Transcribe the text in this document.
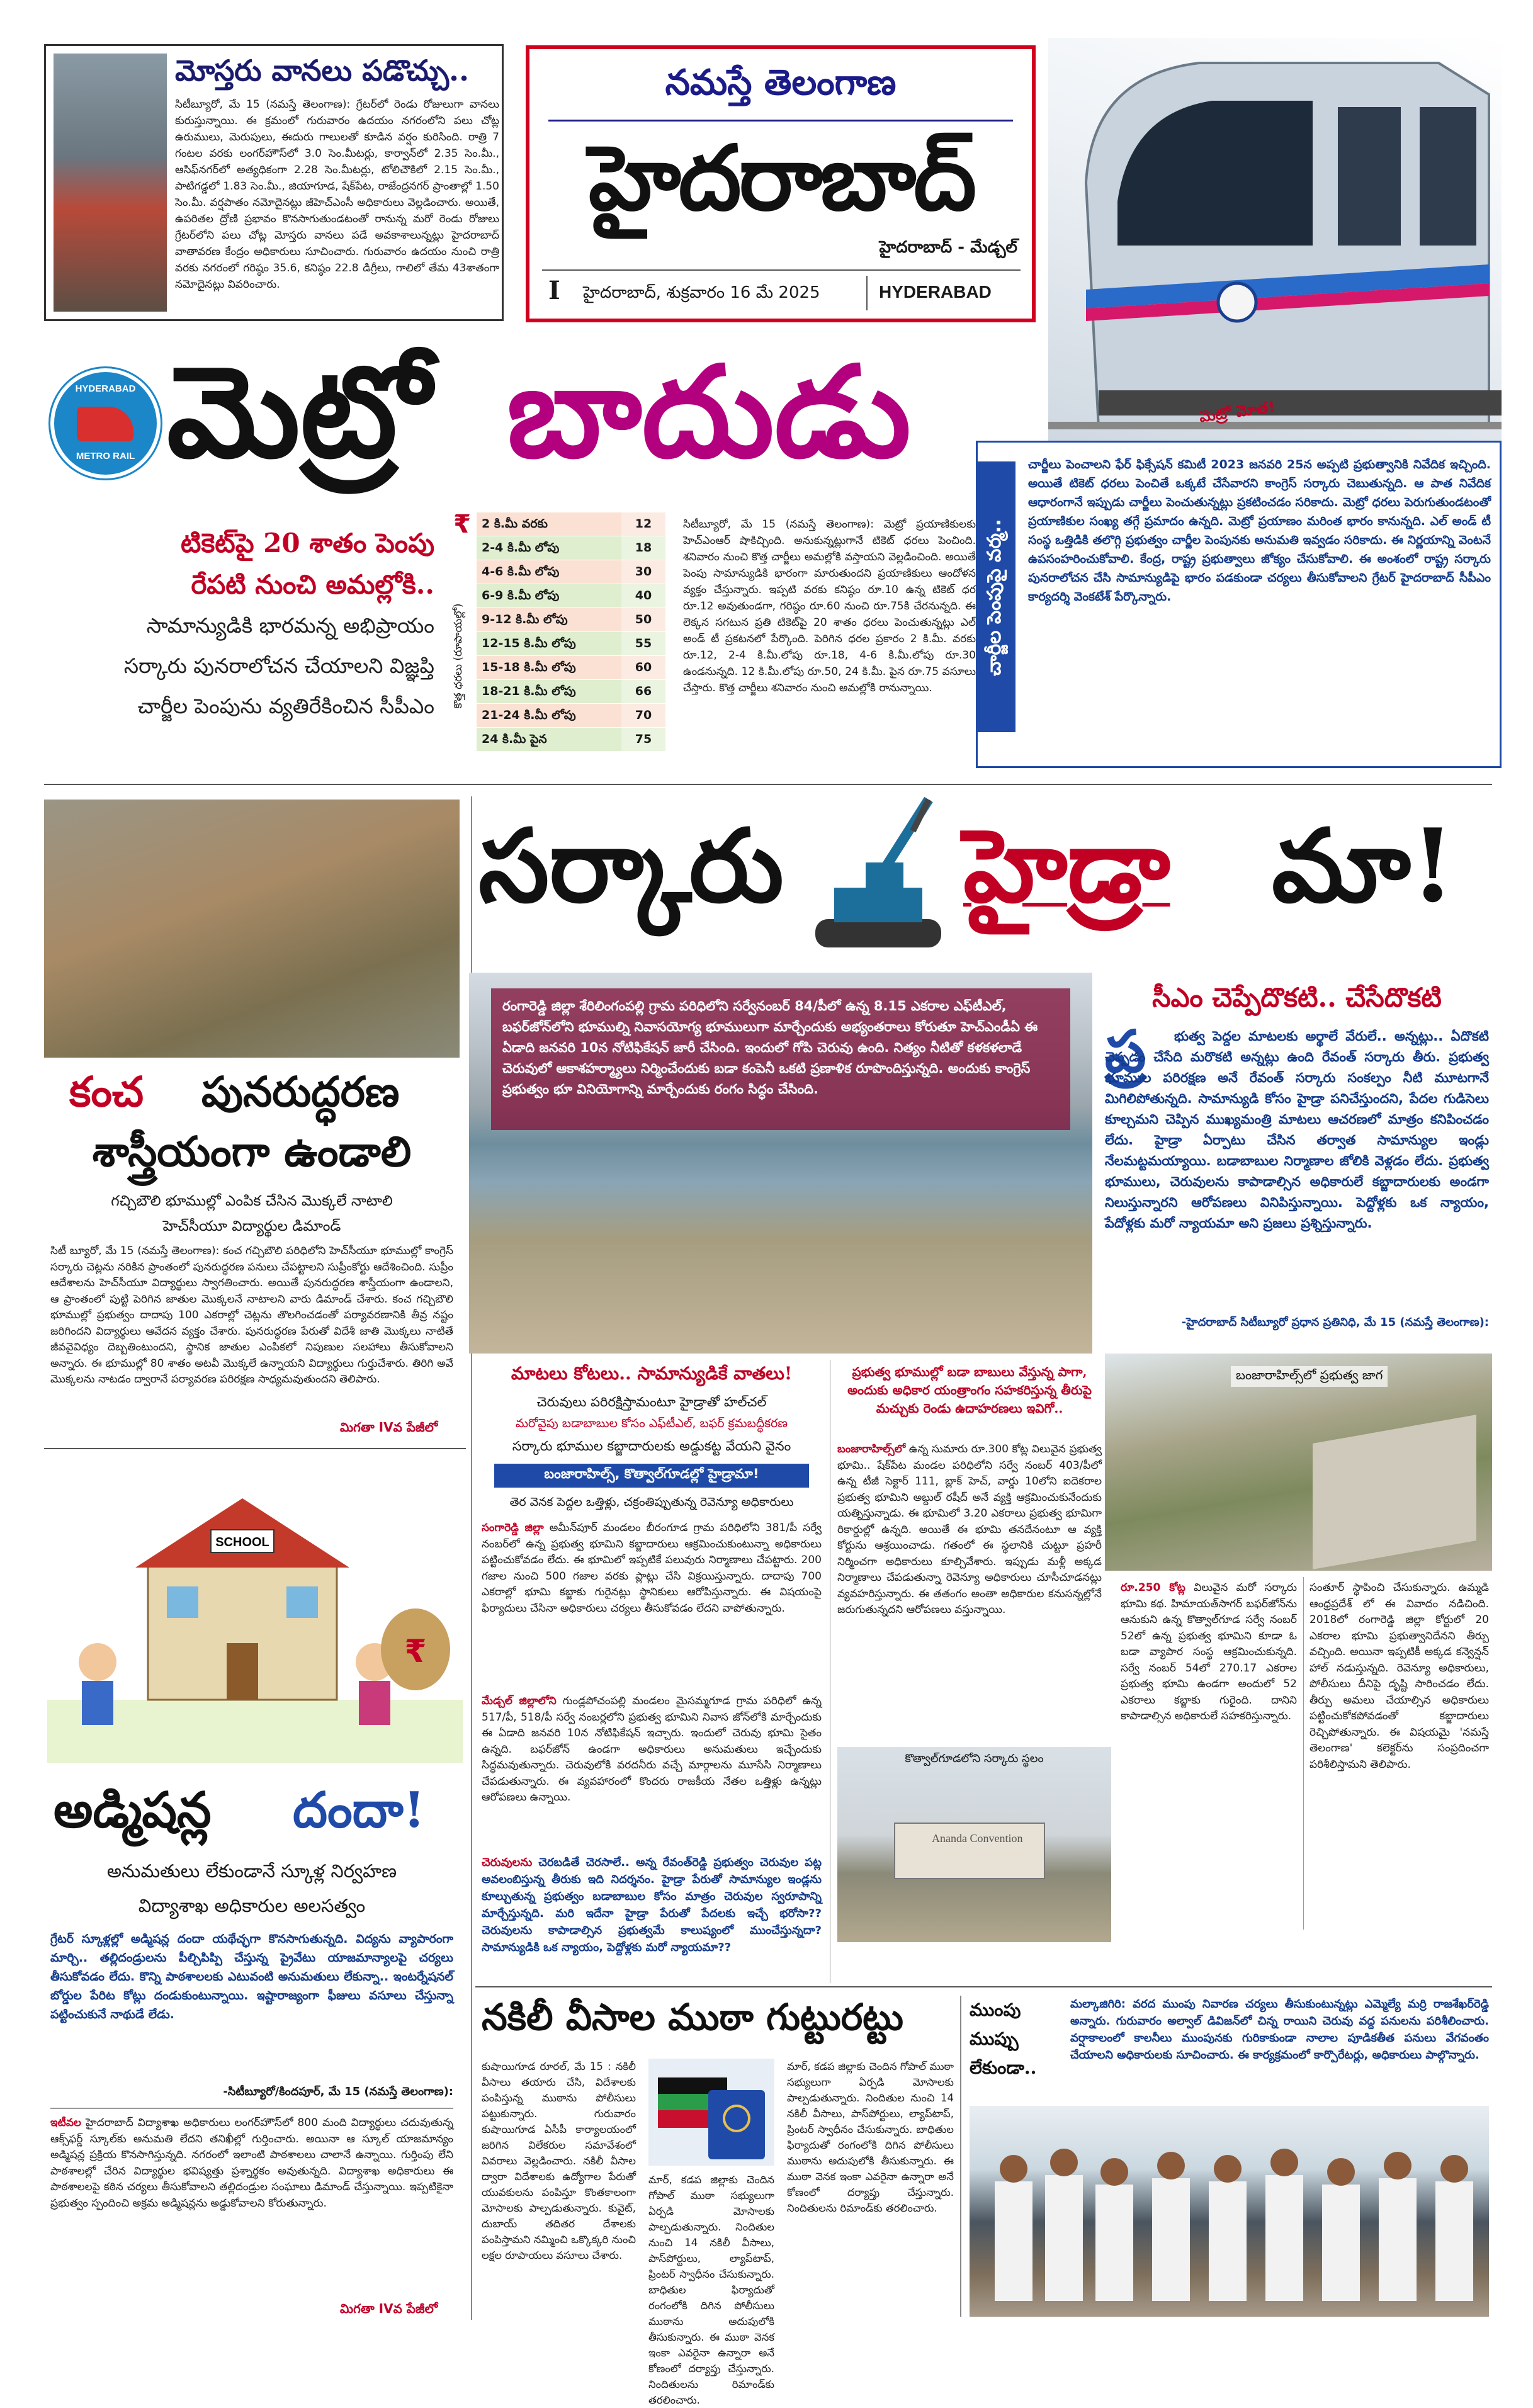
మోస్తరు వానలు పడొచ్చు..
సిటీబ్యూరో, మే 15 (నమస్తే తెలంగాణ): గ్రేటర్‌లో రెండు రోజులుగా వానలు కురుస్తున్నాయి. ఈ క్రమంలో గురువారం ఉదయం నగరంలోని పలు చోట్ల ఉరుములు, మెరుపులు, ఈదురు గాలులతో కూడిన వర్షం కురిసింది. రాత్రి 7 గంటల వరకు లంగర్‌హౌస్‌లో 3.0 సెం.మీటర్లు, కార్వాన్‌లో 2.35 సెం.మీ., ఆసిఫ్‌నగర్‌లో అత్యధికంగా 2.28 సెం.మీటర్లు, టోలిచౌకిలో 2.15 సెం.మీ., పాటిగడ్డలో 1.83 సెం.మీ., జియాగూడ, షేక్‌పేట, రాజేంద్రనగర్ ప్రాంతాల్లో 1.50 సెం.మీ. వర్షపాతం నమోదైనట్లు జీహెచ్‌ఎంసీ అధికారులు వెల్లడించారు. అయితే, ఉపరితల ద్రోణి ప్రభావం కొనసాగుతుండటంతో రానున్న మరో రెండు రోజులు గ్రేటర్‌లోని పలు చోట్ల మోస్తరు వానలు పడే అవకాశాలున్నట్లు హైదరాబాద్ వాతావరణ కేంద్రం అధికారులు సూచించారు. గురువారం ఉదయం నుంచి రాత్రి వరకు నగరంలో గరిష్ఠం 35.6, కనిష్ఠం 22.8 డిగ్రీలు, గాలిలో తేమ 43శాతంగా నమోదైనట్లు వివరించారు.
నమస్తే తెలంగాణ
హైదరాబాద్
హైదరాబాద్ - మేడ్చల్
I హైదరాబాద్, శుక్రవారం 16 మే 2025	HYDERABAD
HYDERABAD
METRO RAIL మెట్రో బాదుడు
టికెట్‌పై 20 శాతం పెంపు
రేపటి నుంచి అమల్లోకి..
సామాన్యుడికి భారమన్న అభిప్రాయం
సర్కారు పునరాలోచన చేయాలని విజ్ఞప్తి
చార్జీల పెంపును వ్యతిరేకించిన సీపీఎం
₹
కొత్త ధరలు (రూపాయల్లో)
2 కి.మీ వరకు	12
2-4 కి.మీ లోపు	18
4-6 కి.మీ లోపు	30
6-9 కి.మీ లోపు	40
9-12 కి.మీ లోపు	50
12-15 కి.మీ లోపు	55
15-18 కి.మీ లోపు	60
18-21 కి.మీ లోపు	66
21-24 కి.మీ లోపు	70
24 కి.మీ పైన	75
సిటీబ్యూరో, మే 15 (నమస్తే తెలంగాణ): మెట్రో ప్రయాణికులకు హెచ్‌ఎంఆర్ షాకిచ్చింది. అనుకున్నట్లుగానే టికెట్ ధరలు పెంచింది. శనివారం నుంచి కొత్త చార్జీలు అమల్లోకి వస్తాయని వెల్లడించింది. అయితే పెంపు సామాన్యుడికి భారంగా మారుతుందని ప్రయాణికులు ఆందోళన వ్యక్తం చేస్తున్నారు. ఇప్పటి వరకు కనిష్ఠం రూ.10 ఉన్న టికెట్ ధర రూ.12 అవుతుండగా, గరిష్ఠం రూ.60 నుంచి రూ.75కి చేరనున్నది. ఈ లెక్కన సగటున ప్రతి టికెట్‌పై 20 శాతం ధరలు పెంచుతున్నట్లు ఎల్ అండ్ టీ ప్రకటనలో పేర్కొంది. పెరిగిన ధరల ప్రకారం 2 కి.మీ. వరకు రూ.12, 2-4 కి.మీ.లోపు రూ.18, 4-6 కి.మీ.లోపు రూ.30 ఉండనున్నది. 12 కి.మీ.లోపు రూ.50, 24 కి.మీ. పైన రూ.75 వసూలు చేస్తారు. కొత్త చార్జీలు శనివారం నుంచి అమల్లోకి రానున్నాయి.
చార్జీల పెంపుపై వర్మ..
చార్జీలు పెంచాలని ఫేర్ ఫిక్సేషన్ కమిటీ 2023 జనవరి 25న అప్పటి ప్రభుత్వానికి నివేదిక ఇచ్చింది. అయితే టికెట్ ధరలు పెంచితే ఒక్కటే చేసేవారని కాంగ్రెస్ సర్కారు చెబుతున్నది. ఆ పాత నివేదిక ఆధారంగానే ఇప్పుడు చార్జీలు పెంచుతున్నట్లు ప్రకటించడం సరికాదు. మెట్రో ధరలు పెరుగుతుండటంతో ప్రయాణికుల సంఖ్య తగ్గే ప్రమాదం ఉన్నది. మెట్రో ప్రయాణం మరింత భారం కానున్నది. ఎల్ అండ్ టీ సంస్థ ఒత్తిడికి తలొగ్గి ప్రభుత్వం చార్జీల పెంపునకు అనుమతి ఇవ్వడం సరికాదు. ఈ నిర్ణయాన్ని వెంటనే ఉపసంహరించుకోవాలి. కేంద్ర, రాష్ట్ర ప్రభుత్వాలు జోక్యం చేసుకోవాలి. ఈ అంశంలో రాష్ట్ర సర్కారు పునరాలోచన చేసి సామాన్యుడిపై భారం పడకుండా చర్యలు తీసుకోవాలని గ్రేటర్ హైదరాబాద్ సీపీఎం కార్యదర్శి వెంకటేశ్ పేర్కొన్నారు.
మెట్రో మోత!
కంచ పునరుద్ధరణ
శాస్త్రీయంగా ఉండాలి
గచ్చిబౌలి భూముల్లో ఎంపిక చేసిన మొక్కలే నాటాలి
హెచ్‌సీయూ విద్యార్థుల డిమాండ్
సిటీ బ్యూరో, మే 15 (నమస్తే తెలంగాణ): కంచ గచ్చిబౌలి పరిధిలోని హెచ్‌సీయూ భూముల్లో కాంగ్రెస్ సర్కారు చెట్లను నరికిన ప్రాంతంలో పునరుద్ధరణ పనులు చేపట్టాలని సుప్రీంకోర్టు ఆదేశించింది. సుప్రీం ఆదేశాలను హెచ్‌సీయూ విద్యార్థులు స్వాగతించారు. అయితే పునరుద్ధరణ శాస్త్రీయంగా ఉండాలని, ఆ ప్రాంతంలో పుట్టి పెరిగిన జాతుల మొక్కలనే నాటాలని వారు డిమాండ్ చేశారు. కంచ గచ్చిబౌలి భూముల్లో ప్రభుత్వం దాదాపు 100 ఎకరాల్లో చెట్లను తొలగించడంతో పర్యావరణానికి తీవ్ర నష్టం జరిగిందని విద్యార్థులు ఆవేదన వ్యక్తం చేశారు. పునరుద్ధరణ పేరుతో విదేశీ జాతి మొక్కలు నాటితే జీవవైవిధ్యం దెబ్బతింటుందని, స్థానిక జాతుల ఎంపికలో నిపుణుల సలహాలు తీసుకోవాలని అన్నారు. ఈ భూముల్లో 80 శాతం అటవీ మొక్కలే ఉన్నాయని విద్యార్థులు గుర్తుచేశారు. తిరిగి అవే మొక్కలను నాటడం ద్వారానే పర్యావరణ పరిరక్షణ సాధ్యమవుతుందని తెలిపారు.
మిగతా IVవ పేజీలో
SCHOOL
₹
అడ్మిషన్ల దందా!
అనుమతులు లేకుండానే స్కూళ్ల నిర్వహణ
విద్యాశాఖ అధికారుల అలసత్వం
గ్రేటర్ స్కూళ్లల్లో అడ్మిషన్ల దందా యథేచ్ఛగా కొనసాగుతున్నది. విద్యను వ్యాపారంగా మార్చి.. తల్లిదండ్రులను పీల్చిపిప్పి చేస్తున్న ప్రైవేటు యాజమాన్యాలపై చర్యలు తీసుకోవడం లేదు. కొన్ని పాఠశాలలకు ఎటువంటి అనుమతులు లేకున్నా.. ఇంటర్నేషనల్ బోర్డుల పేరిట కోట్లు దండుకుంటున్నాయి. ఇష్టారాజ్యంగా ఫీజులు వసూలు చేస్తున్నా పట్టించుకునే నాథుడే లేడు.
-సిటీబ్యూరో/కిందపూర్, మే 15 (నమస్తే తెలంగాణ):
ఇటీవల హైదరాబాద్ విద్యాశాఖ అధికారులు లంగర్‌హౌస్‌లో 800 మంది విద్యార్థులు చదువుతున్న ఆక్స్‌ఫర్డ్ స్కూల్‌కు అనుమతి లేదని తనిఖీల్లో గుర్తించారు. అయినా ఆ స్కూల్ యాజమాన్యం అడ్మిషన్ల ప్రక్రియ కొనసాగిస్తున్నది. నగరంలో ఇలాంటి పాఠశాలలు చాలానే ఉన్నాయి. గుర్తింపు లేని పాఠశాలల్లో చేరిన విద్యార్థుల భవిష్యత్తు ప్రశ్నార్థకం అవుతున్నది. విద్యాశాఖ అధికారులు ఈ పాఠశాలలపై కఠిన చర్యలు తీసుకోవాలని తల్లిదండ్రుల సంఘాలు డిమాండ్ చేస్తున్నాయి. ఇప్పటికైనా ప్రభుత్వం స్పందించి అక్రమ అడ్మిషన్లను అడ్డుకోవాలని కోరుతున్నారు.
మిగతా IVవ పేజీలో
సర్కారు హైడ్రా మా!
సీఎం చెప్పేదొకటి.. చేసేదొకటి
రంగారెడ్డి జిల్లా శేరిలింగంపల్లి గ్రామ పరిధిలోని సర్వేనంబర్ 84/పీలో ఉన్న 8.15 ఎకరాల ఎఫ్‌టీఎల్, బఫర్‌జోన్‌లోని భూముల్ని నివాసయోగ్య భూములుగా మార్చేందుకు అభ్యంతరాలు కోరుతూ హెచ్‌ఎండీఏ ఈ ఏడాది జనవరి 10న నోటిఫికేషన్ జారీ చేసింది. ఇందులో గోపి చెరువు ఉంది. నిత్యం నీటితో కళకళలాడే చెరువులో ఆకాశహర్మ్యాలు నిర్మించేందుకు బడా కంపెనీ ఒకటి ప్రణాళిక రూపొందిస్తున్నది. అందుకు కాంగ్రెస్ ప్రభుత్వం భూ వినియోగాన్ని మార్చేందుకు రంగం సిద్ధం చేసింది.
ప్ర	భుత్వ పెద్దల మాటలకు అర్థాలే వేరులే.. అన్నట్లు.. ఏదొకటి చెప్పడం చేసేది మరొకటి అన్నట్లు ఉంది రేవంత్ సర్కారు తీరు. ప్రభుత్వ భూముల పరిరక్షణ అనే రేవంత్ సర్కారు సంకల్పం నీటి మూటగానే మిగిలిపోతున్నది. సామాన్యుడి కోసం హైడ్రా పనిచేస్తుందని, పేదల గుడిసెలు కూల్చమని చెప్పిన ముఖ్యమంత్రి మాటలు ఆచరణలో మాత్రం కనిపించడం లేదు. హైడ్రా ఏర్పాటు చేసిన తర్వాత సామాన్యుల ఇండ్లు నేలమట్టమయ్యాయి. బడాబాబుల నిర్మాణాల జోలికి వెళ్లడం లేదు. ప్రభుత్వ భూములు, చెరువులను కాపాడాల్సిన అధికారులే కబ్జాదారులకు అండగా నిలుస్తున్నారని ఆరోపణలు వినిపిస్తున్నాయి. పెద్దోళ్లకు ఒక న్యాయం, పేదోళ్లకు మరో న్యాయమా అని ప్రజలు ప్రశ్నిస్తున్నారు.
-హైదరాబాద్ సిటీబ్యూరో ప్రధాన ప్రతినిధి, మే 15 (నమస్తే తెలంగాణ):
మాటలు కోటలు.. సామాన్యుడికే వాతలు!
చెరువులు పరిరక్షిస్తామంటూ హైడ్రాతో హల్‌చల్
మరోవైపు బడాబాబుల కోసం ఎఫ్‌టీఎల్, బఫర్ క్రమబద్ధీకరణ
సర్కారు భూముల కబ్జాదారులకు అడ్డుకట్ట వేయని వైనం
బంజారాహిల్స్, కొత్వాల్‌గూడల్లో హైడ్రామా!
తెర వెనక పెద్దల ఒత్తిళ్లు, చక్రంతిప్పుతున్న రెవెన్యూ అధికారులు
సంగారెడ్డి జిల్లా అమీన్‌పూర్ మండలం బీరంగూడ గ్రామ పరిధిలోని 381/పీ సర్వే నంబర్‌లో ఉన్న ప్రభుత్వ భూమిని కబ్జాదారులు ఆక్రమించుకుంటున్నా అధికారులు పట్టించుకోవడం లేదు. ఈ భూమిలో ఇప్పటికే పలువురు నిర్మాణాలు చేపట్టారు. 200 గజాల నుంచి 500 గజాల వరకు ప్లాట్లు చేసి విక్రయిస్తున్నారు. దాదాపు 700 ఎకరాల్లో భూమి కబ్జాకు గురైనట్లు స్థానికులు ఆరోపిస్తున్నారు. ఈ విషయంపై ఫిర్యాదులు చేసినా అధికారులు చర్యలు తీసుకోవడం లేదని వాపోతున్నారు.
మేడ్చల్ జిల్లాలోని గుండ్లపోచంపల్లి మండలం మైసమ్మగూడ గ్రామ పరిధిలో ఉన్న 517/పీ, 518/పీ సర్వే నంబర్లలోని ప్రభుత్వ భూమిని నివాస జోన్‌లోకి మార్చేందుకు ఈ ఏడాది జనవరి 10న నోటిఫికేషన్ ఇచ్చారు. ఇందులో చెరువు భూమి సైతం ఉన్నది. బఫర్‌జోన్‌ ఉండగా అధికారులు అనుమతులు ఇచ్చేందుకు సిద్ధమవుతున్నారు. చెరువులోకి వరదనీరు వచ్చే మార్గాలను మూసేసి నిర్మాణాలు చేపడుతున్నారు. ఈ వ్యవహారంలో కొందరు రాజకీయ నేతల ఒత్తిళ్లు ఉన్నట్లు ఆరోపణలు ఉన్నాయి.
చెరువులను చెరబడితే చెరసాలే.. అన్న రేవంత్‌రెడ్డి ప్రభుత్వం చెరువుల పట్ల అవలంబిస్తున్న తీరుకు ఇది నిదర్శనం. హైడ్రా పేరుతో సామాన్యుల ఇండ్లను కూల్చుతున్న ప్రభుత్వం బడాబాబుల కోసం మాత్రం చెరువుల స్వరూపాన్ని మార్చేస్తున్నది. మరి ఇదేనా హైడ్రా పేరుతో పేదలకు ఇచ్చే భరోసా?? చెరువులను కాపాడాల్సిన ప్రభుత్వమే కాలుష్యంలో ముంచేస్తున్నదా? సామాన్యుడికి ఒక న్యాయం, పెద్దోళ్లకు మరో న్యాయమా??
ప్రభుత్వ భూముల్లో బడా బాబులు వేస్తున్న పాగా, అందుకు అధికార యంత్రాంగం సహకరిస్తున్న తీరుపై మచ్చుకు రెండు ఉదాహరణలు ఇవిగో..
బంజారాహిల్స్‌లో ఉన్న సుమారు రూ.300 కోట్ల విలువైన ప్రభుత్వ భూమి.. షేక్‌పేట మండల పరిధిలోని సర్వే నంబర్ 403/పీలో ఉన్న టీజీ సెక్టార్ 111, బ్లాక్ హెచ్, వార్డు 10లోని ఐదెకరాల ప్రభుత్వ భూమిని అబ్దుల్ రషీద్ అనే వ్యక్తి ఆక్రమించుకునేందుకు యత్నిస్తున్నాడు. ఈ భూమిలో 3.20 ఎకరాలు ప్రభుత్వ భూమిగా రికార్డుల్లో ఉన్నది. అయితే ఈ భూమి తనదేనంటూ ఆ వ్యక్తి కోర్టును ఆశ్రయించాడు. గతంలో ఈ స్థలానికి చుట్టూ ప్రహరీ నిర్మించగా అధికారులు కూల్చివేశారు. ఇప్పుడు మళ్లీ అక్కడ నిర్మాణాలు చేపడుతున్నా రెవెన్యూ అధికారులు చూసీచూడనట్లు వ్యవహరిస్తున్నారు. ఈ తతంగం అంతా అధికారుల కనుసన్నల్లోనే జరుగుతున్నదని ఆరోపణలు వస్తున్నాయి.
బంజారాహిల్స్‌లో ప్రభుత్వ జాగ
కొత్వాల్‌గూడలోని సర్కారు స్థలం
Ananda Convention
రూ.250 కోట్ల విలువైన మరో సర్కారు భూమి కథ. హిమాయత్‌సాగర్ బఫర్‌జోన్‌ను ఆనుకుని ఉన్న కొత్వాల్‌గూడ సర్వే నంబర్ 52లో ఉన్న ప్రభుత్వ భూమిని కూడా ఓ బడా వ్యాపార సంస్థ ఆక్రమించుకున్నది. సర్వే నంబర్ 54లో 270.17 ఎకరాల ప్రభుత్వ భూమి ఉండగా అందులో 52 ఎకరాలు కబ్జాకు గురైంది. దానిని కాపాడాల్సిన అధికారులే సహకరిస్తున్నారు.
సంతూర్ స్థాపించి చేసుకున్నారు. ఉమ్మడి ఆంధ్రప్రదేశ్ లో ఈ వివాదం నడిచింది. 2018లో రంగారెడ్డి జిల్లా కోర్టులో 20 ఎకరాల భూమి ప్రభుత్వానిదేనని తీర్పు వచ్చింది. అయినా ఇప్పటికీ అక్కడ కన్వెన్షన్ హాల్ నడుస్తున్నది. రెవెన్యూ అధికారులు, పోలీసులు దీనిపై దృష్టి సారించడం లేదు. తీర్పు అమలు చేయాల్సిన అధికారులు పట్టించుకోకపోవడంతో కబ్జాదారులు రెచ్చిపోతున్నారు. ఈ విషయమై 'నమస్తే తెలంగాణ' కలెక్టర్‌ను సంప్రదించగా పరిశీలిస్తామని తెలిపారు.
నకిలీ వీసాల ముఠా గుట్టురట్టు
కుషాయిగూడ రూరల్, మే 15 : నకిలీ వీసాలు తయారు చేసి, విదేశాలకు పంపిస్తున్న ముఠాను పోలీసులు పట్టుకున్నారు. గురువారం కుషాయిగూడ ఏసీపీ కార్యాలయంలో జరిగిన విలేకరుల సమావేశంలో వివరాలు వెల్లడించారు. నకిలీ వీసాల ద్వారా విదేశాలకు ఉద్యోగాల పేరుతో యువకులను పంపిస్తూ కొంతకాలంగా మోసాలకు పాల్పడుతున్నారు. కువైట్, దుబాయ్ తదితర దేశాలకు పంపిస్తామని నమ్మించి ఒక్కొక్కరి నుంచి లక్షల రూపాయలు వసూలు చేశారు.
మార్, కడప జిల్లాకు చెందిన గోపాల్ ముఠా సభ్యులుగా ఏర్పడి మోసాలకు పాల్పడుతున్నారు. నిందితుల నుంచి 14 నకిలీ వీసాలు, పాస్‌పోర్టులు, ల్యాప్‌టాప్, ప్రింటర్ స్వాధీనం చేసుకున్నారు. బాధితుల ఫిర్యాదుతో రంగంలోకి దిగిన పోలీసులు ముఠాను అదుపులోకి తీసుకున్నారు. ఈ ముఠా వెనక ఇంకా ఎవరైనా ఉన్నారా అనే కోణంలో దర్యాప్తు చేస్తున్నారు. నిందితులను రిమాండ్‌కు తరలించారు.
మార్, కడప జిల్లాకు చెందిన గోపాల్ ముఠా సభ్యులుగా ఏర్పడి మోసాలకు పాల్పడుతున్నారు. నిందితుల నుంచి 14 నకిలీ వీసాలు, పాస్‌పోర్టులు, ల్యాప్‌టాప్, ప్రింటర్ స్వాధీనం చేసుకున్నారు. బాధితుల ఫిర్యాదుతో రంగంలోకి దిగిన పోలీసులు ముఠాను అదుపులోకి తీసుకున్నారు. ఈ ముఠా వెనక ఇంకా ఎవరైనా ఉన్నారా అనే కోణంలో దర్యాప్తు చేస్తున్నారు. నిందితులను రిమాండ్‌కు తరలించారు.
ముంపు ముప్పు లేకుండా..
మల్కాజిగిరి: వరద ముంపు నివారణ చర్యలు తీసుకుంటున్నట్లు ఎమ్మెల్యే మర్రి రాజశేఖర్‌రెడ్డి అన్నారు. గురువారం అల్వాల్ డివిజన్‌లో చిన్న రాయిని చెరువు వద్ద పనులను పరిశీలించారు. వర్షాకాలంలో కాలనీలు ముంపునకు గురికాకుండా నాలాల పూడికతీత పనులు వేగవంతం చేయాలని అధికారులకు సూచించారు. ఈ కార్యక్రమంలో కార్పొరేటర్లు, అధికారులు పాల్గొన్నారు.
